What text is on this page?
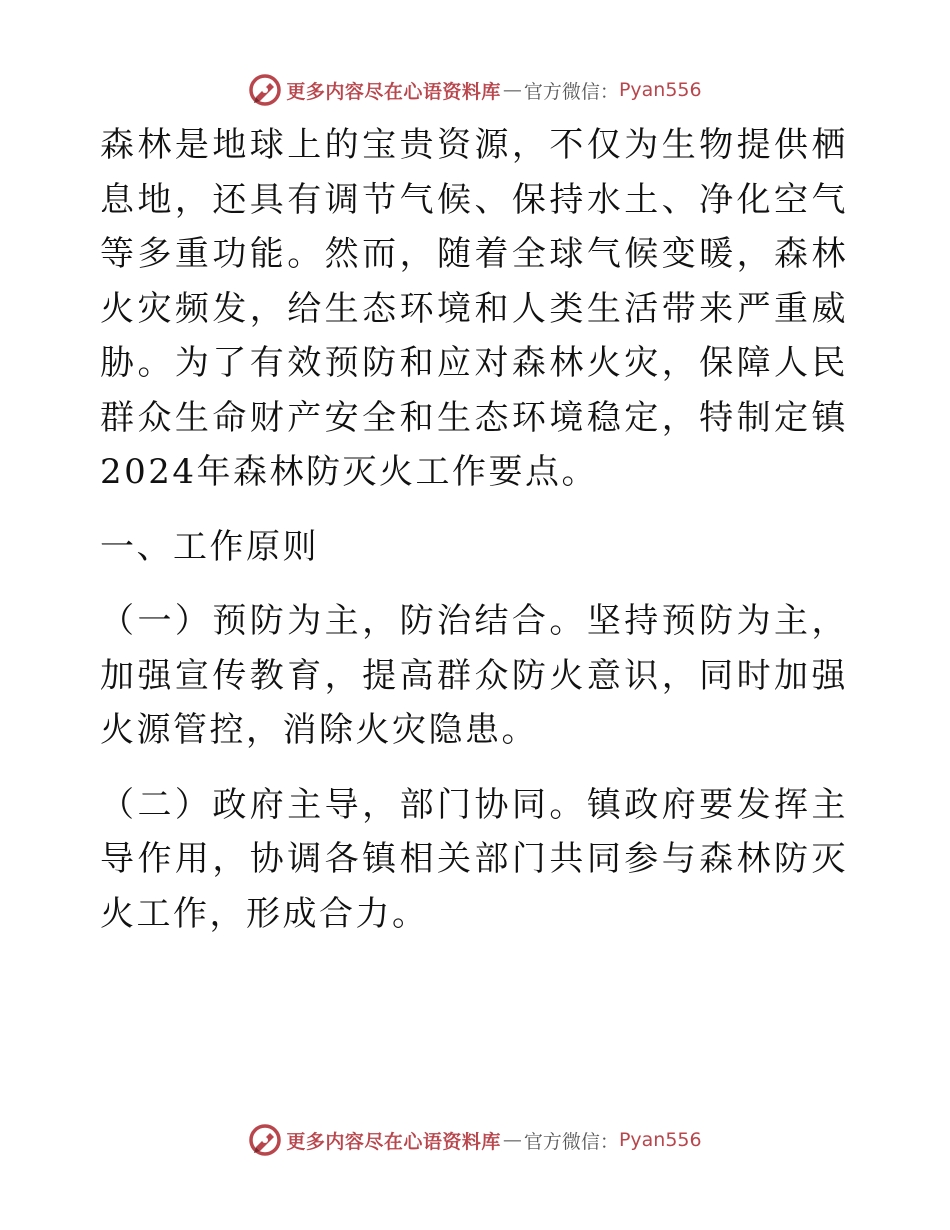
更多内容尽在心语资料库 — 官方微信： Pyan556

森林是地球上的宝贵资源，不仅为生物提供栖息地，还具有调节气候、保持水土、净化空气等多重功能。然而，随着全球气候变暖，森林火灾频发，给生态环境和人类生活带来严重威胁。为了有效预防和应对森林火灾，保障人民群众生命财产安全和生态环境稳定，特制定镇2024年森林防灭火工作要点。

一、工作原则

（一）预防为主，防治结合。坚持预防为主，加强宣传教育，提高群众防火意识，同时加强火源管控，消除火灾隐患。

（二）政府主导，部门协同。镇政府要发挥主导作用，协调各镇相关部门共同参与森林防灭火工作，形成合力。

更多内容尽在心语资料库 — 官方微信： Pyan556
